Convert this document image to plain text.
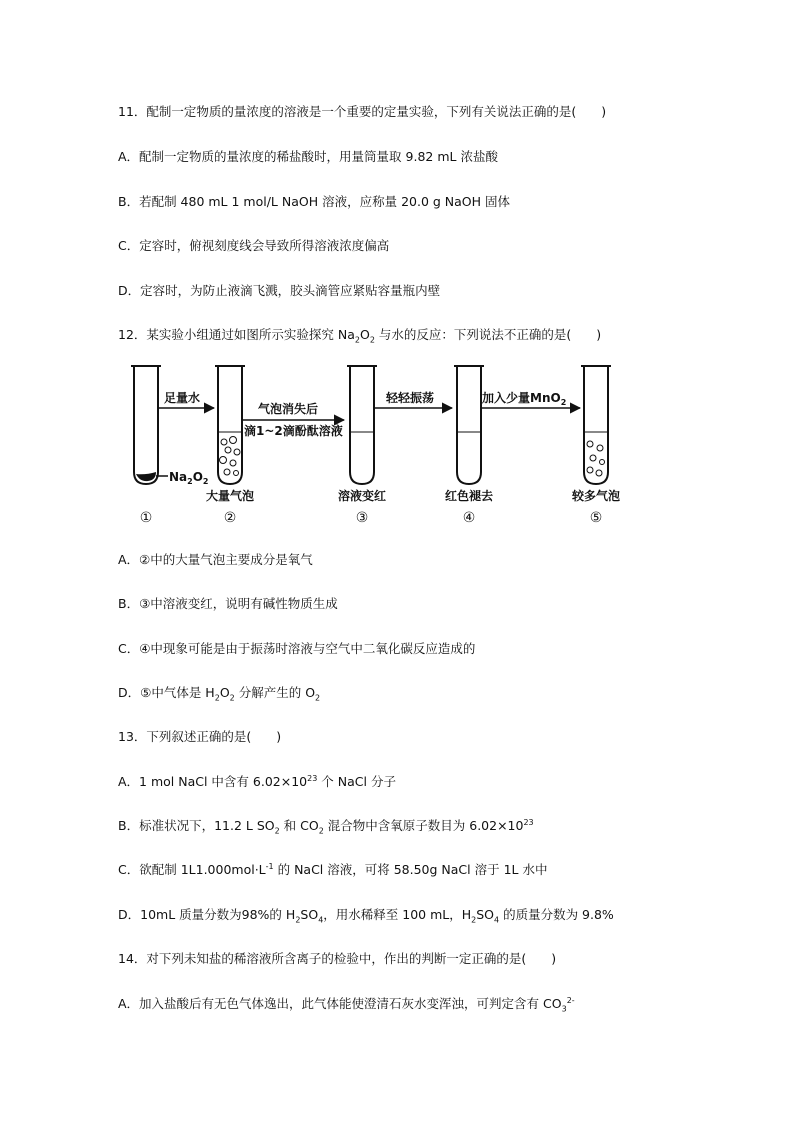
11．配制一定物质的量浓度的溶液是一个重要的定量实验，下列有关说法正确的是(　　)
A．配制一定物质的量浓度的稀盐酸时，用量筒量取 9.82 mL 浓盐酸
B．若配制 480 mL 1 mol/L NaOH 溶液，应称量 20.0 g NaOH 固体
C．定容时，俯视刻度线会导致所得溶液浓度偏高
D．定容时，为防止液滴飞溅，胶头滴管应紧贴容量瓶内壁
12．某实验小组通过如图所示实验探究 $Na_2O_2$ 与水的反应：下列说法不正确的是(　　)
$Na_2O_2$
足量水
大量气泡
气泡消失后
滴1~2滴酚酞溶液
溶液变红
轻轻振荡
红色褪去
加入少量MnO$_2$
较多气泡
①	②	③	④	⑤
A．②中的大量气泡主要成分是氧气
B．③中溶液变红，说明有碱性物质生成
C．④中现象可能是由于振荡时溶液与空气中二氧化碳反应造成的
D．⑤中气体是 $H_2O_2$ 分解产生的 $O_2$
13．下列叙述正确的是(　　)
A．1 mol NaCl 中含有 $6.02\times 10^{23}$ 个 NaCl 分子
B．标准状况下，11.2 L $SO_2$ 和 $CO_2$ 混合物中含氧原子数目为 $6.02\times 10^{23}$
C．欲配制 $1L1.000mol\cdot L^{-1}$ 的 NaCl 溶液，可将 58.50g NaCl 溶于 1L 水中
D．10mL 质量分数为98%的 $H_2SO_4$，用水稀释至 100 mL，$H_2SO_4$ 的质量分数为 9.8%
14．对下列未知盐的稀溶液所含离子的检验中，作出的判断一定正确的是(　　)
A．加入盐酸后有无色气体逸出，此气体能使澄清石灰水变浑浊，可判定含有 $CO_3^{2-}$
